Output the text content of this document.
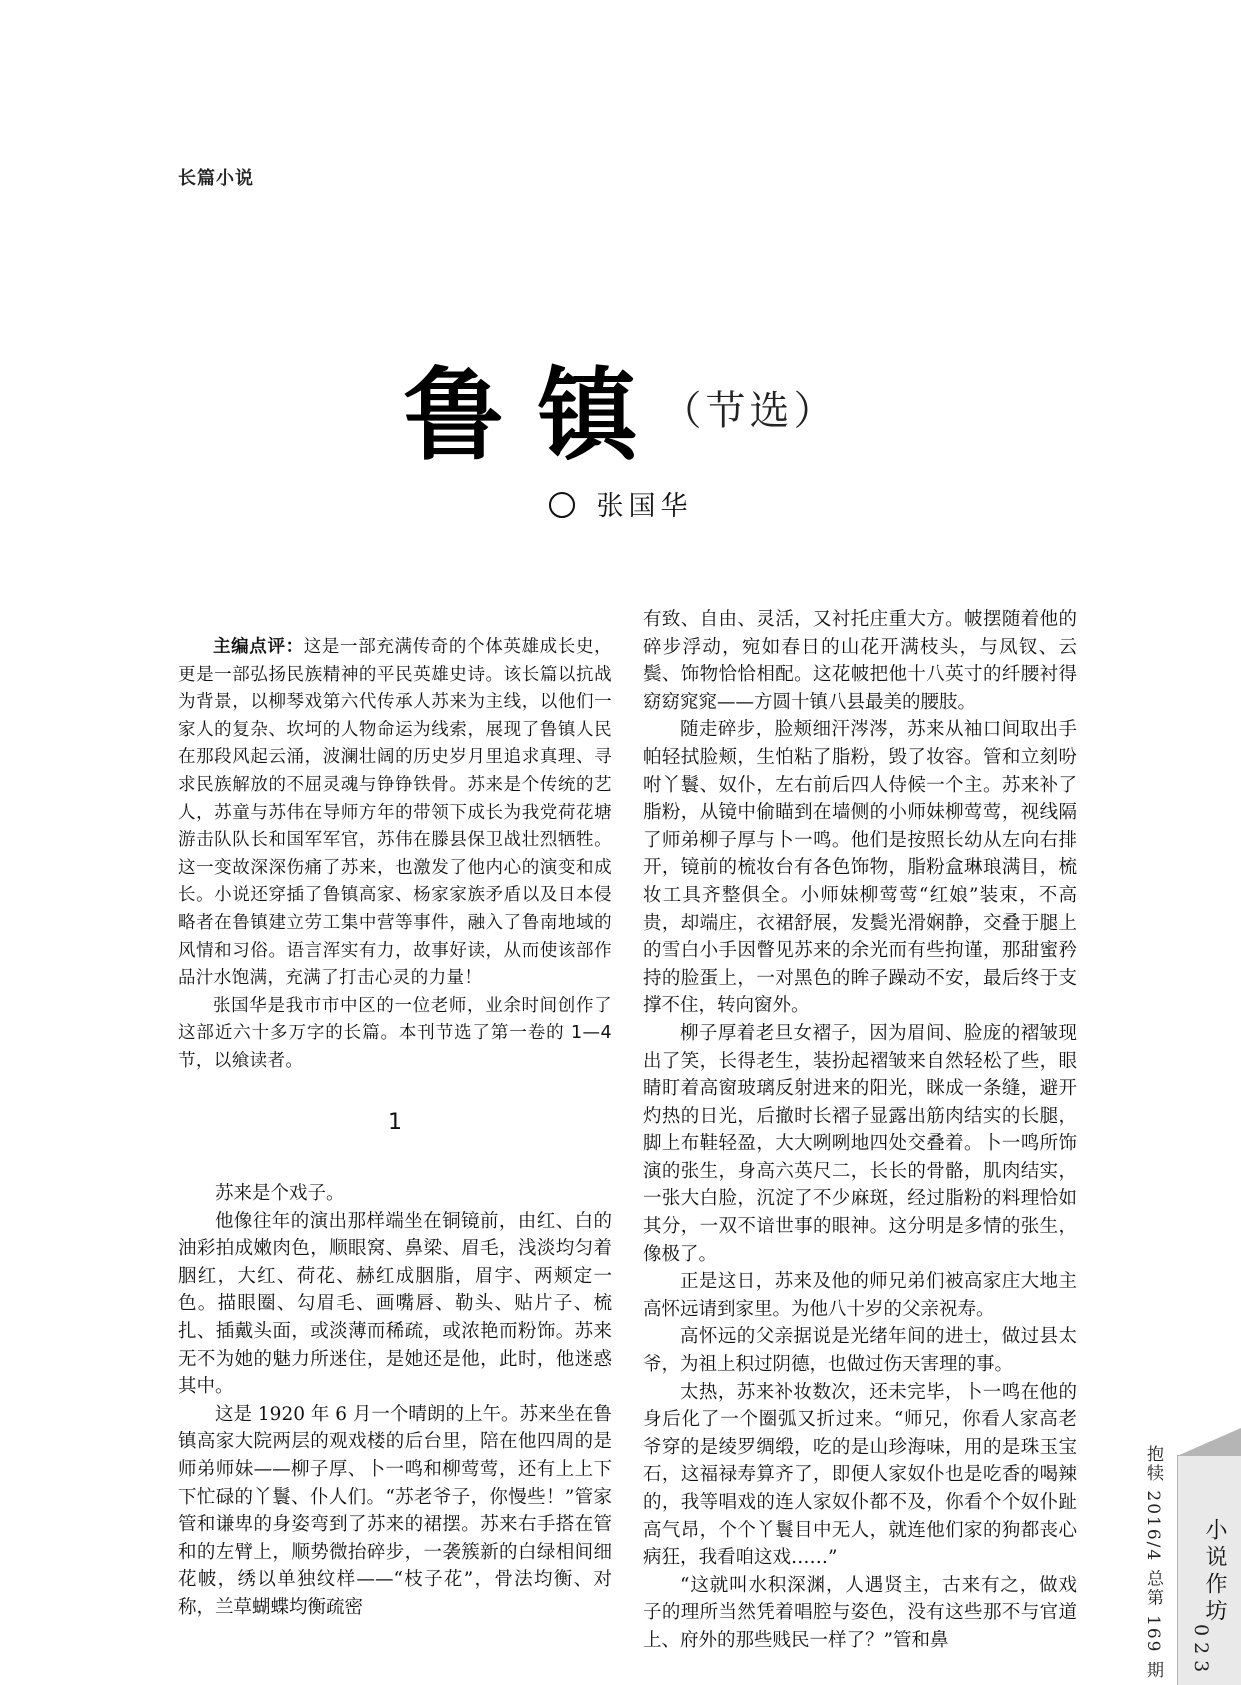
长篇小说
鲁镇（节选）
张国华

主编点评：这是一部充满传奇的个体英雄成长史，更是一部弘扬民族精神的平民英雄史诗。该长篇以抗战为背景，以柳琴戏第六代传承人苏来为主线，以他们一家人的复杂、坎坷的人物命运为线索，展现了鲁镇人民在那段风起云涌，波澜壮阔的历史岁月里追求真理、寻求民族解放的不屈灵魂与铮铮铁骨。苏来是个传统的艺人，苏童与苏伟在导师方年的带领下成长为我党荷花塘游击队队长和国军军官，苏伟在滕县保卫战壮烈牺牲。这一变故深深伤痛了苏来，也激发了他内心的演变和成长。小说还穿插了鲁镇高家、杨家家族矛盾以及日本侵略者在鲁镇建立劳工集中营等事件，融入了鲁南地域的风情和习俗。语言浑实有力，故事好读，从而使该部作品汁水饱满，充满了打击心灵的力量！

张国华是我市市中区的一位老师，业余时间创作了这部近六十多万字的长篇。本刊节选了第一卷的 1—4 节，以飨读者。

1

苏来是个戏子。

他像往年的演出那样端坐在铜镜前，由红、白的油彩拍成嫩肉色，顺眼窝、鼻梁、眉毛，浅淡均匀着胭红，大红、荷花、赫红成胭脂，眉宇、两颊定一色。描眼圈、勾眉毛、画嘴唇、勒头、贴片子、梳扎、插戴头面，或淡薄而稀疏，或浓艳而粉饰。苏来无不为她的魅力所迷住，是她还是他，此时，他迷惑其中。

这是 1920 年 6 月一个晴朗的上午。苏来坐在鲁镇高家大院两层的观戏楼的后台里，陪在他四周的是师弟师妹——柳子厚、卜一鸣和柳莺莺，还有上上下下忙碌的丫鬟、仆人们。“苏老爷子，你慢些！”管家管和谦卑的身姿弯到了苏来的裙摆。苏来右手搭在管和的左臂上，顺势微抬碎步，一袭簇新的白绿相间细花帔，绣以单独纹样——“枝子花”，骨法均衡、对称，兰草蝴蝶均衡疏密

有致、自由、灵活，又衬托庄重大方。帔摆随着他的碎步浮动，宛如春日的山花开满枝头，与凤钗、云鬓、饰物恰恰相配。这花帔把他十八英寸的纤腰衬得窈窈窕窕——方圆十镇八县最美的腰肢。

随走碎步，脸颊细汗涔涔，苏来从袖口间取出手帕轻拭脸颊，生怕粘了脂粉，毁了妆容。管和立刻吩咐丫鬟、奴仆，左右前后四人侍候一个主。苏来补了脂粉，从镜中偷瞄到在墙侧的小师妹柳莺莺，视线隔了师弟柳子厚与卜一鸣。他们是按照长幼从左向右排开，镜前的梳妆台有各色饰物，脂粉盒琳琅满目，梳妆工具齐整俱全。小师妹柳莺莺“红娘”装束，不高贵，却端庄，衣裙舒展，发鬓光滑娴静，交叠于腿上的雪白小手因瞥见苏来的余光而有些拘谨，那甜蜜矜持的脸蛋上，一对黑色的眸子躁动不安，最后终于支撑不住，转向窗外。

柳子厚着老旦女褶子，因为眉间、脸庞的褶皱现出了笑，长得老生，装扮起褶皱来自然轻松了些，眼睛盯着高窗玻璃反射进来的阳光，眯成一条缝，避开灼热的日光，后撤时长褶子显露出筋肉结实的长腿，脚上布鞋轻盈，大大咧咧地四处交叠着。卜一鸣所饰演的张生，身高六英尺二，长长的骨骼，肌肉结实，一张大白脸，沉淀了不少麻斑，经过脂粉的料理恰如其分，一双不谙世事的眼神。这分明是多情的张生，像极了。

正是这日，苏来及他的师兄弟们被高家庄大地主高怀远请到家里。为他八十岁的父亲祝寿。

高怀远的父亲据说是光绪年间的进士，做过县太爷，为祖上积过阴德，也做过伤天害理的事。

太热，苏来补妆数次，还未完毕，卜一鸣在他的身后化了一个圈弧又折过来。“师兄，你看人家高老爷穿的是绫罗绸缎，吃的是山珍海味，用的是珠玉宝石，这福禄寿算齐了，即便人家奴仆也是吃香的喝辣的，我等唱戏的连人家奴仆都不及，你看个个奴仆趾高气昂，个个丫鬟目中无人，就连他们家的狗都丧心病狂，我看咱这戏……”

“这就叫水积深渊，人遇贤主，古来有之，做戏子的理所当然凭着唱腔与姿色，没有这些那不与官道上、府外的那些贱民一样了？”管和鼻	抱犊 2016/4 总第 169 期	小说作坊
023
